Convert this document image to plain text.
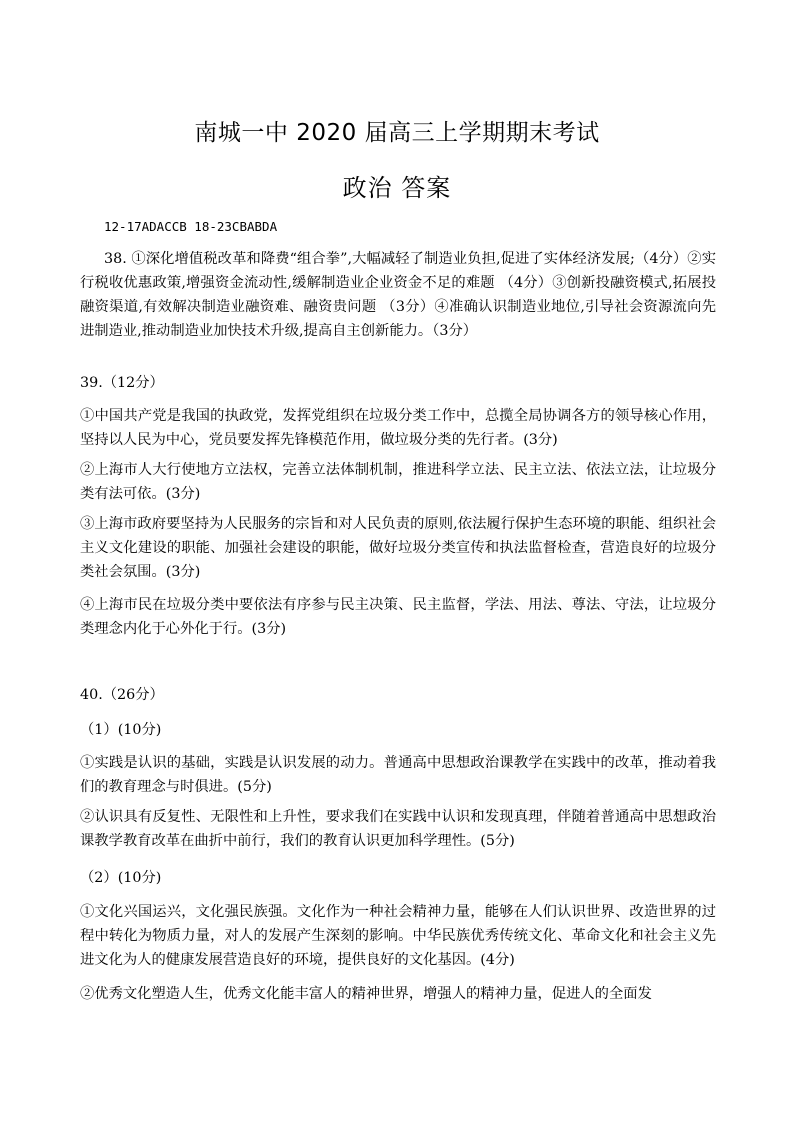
南城一中 2020 届高三上学期期末考试
政治 答案
12-17ADACCB 18-23CBABDA
38. ①深化增值税改革和降费“组合拳”,大幅减轻了制造业负担,促进了实体经济发展;（4分）②实行税收优惠政策,增强资金流动性,缓解制造业企业资金不足的难题 （4分）③创新投融资模式,拓展投融资渠道,有效解决制造业融资难、融资贵问题 （3分）④准确认识制造业地位,引导社会资源流向先进制造业,推动制造业加快技术升级,提高自主创新能力。（3分）
39.（12分）
①中国共产党是我国的执政党，发挥党组织在垃圾分类工作中，总揽全局协调各方的领导核心作用，坚持以人民为中心，党员要发挥先锋模范作用，做垃圾分类的先行者。(3分)
②上海市人大行使地方立法权，完善立法体制机制，推进科学立法、民主立法、依法立法，让垃圾分类有法可依。(3分)
③上海市政府要坚持为人民服务的宗旨和对人民负责的原则,依法履行保护生态环境的职能、组织社会主义文化建设的职能、加强社会建设的职能，做好垃圾分类宣传和执法监督检查，营造良好的垃圾分类社会氛围。(3分)
④上海市民在垃圾分类中要依法有序参与民主决策、民主监督，学法、用法、尊法、守法，让垃圾分类理念内化于心外化于行。(3分)
40.（26分）
（1）(10分)
①实践是认识的基础，实践是认识发展的动力。普通高中思想政治课教学在实践中的改革，推动着我们的教育理念与时俱进。(5分)
②认识具有反复性、无限性和上升性，要求我们在实践中认识和发现真理，伴随着普通高中思想政治课教学教育改革在曲折中前行，我们的教育认识更加科学理性。(5分)
（2）(10分)
①文化兴国运兴，文化强民族强。文化作为一种社会精神力量，能够在人们认识世界、改造世界的过程中转化为物质力量，对人的发展产生深刻的影响。中华民族优秀传统文化、革命文化和社会主义先进文化为人的健康发展营造良好的环境，提供良好的文化基因。(4分)
②优秀文化塑造人生，优秀文化能丰富人的精神世界，增强人的精神力量，促进人的全面发
